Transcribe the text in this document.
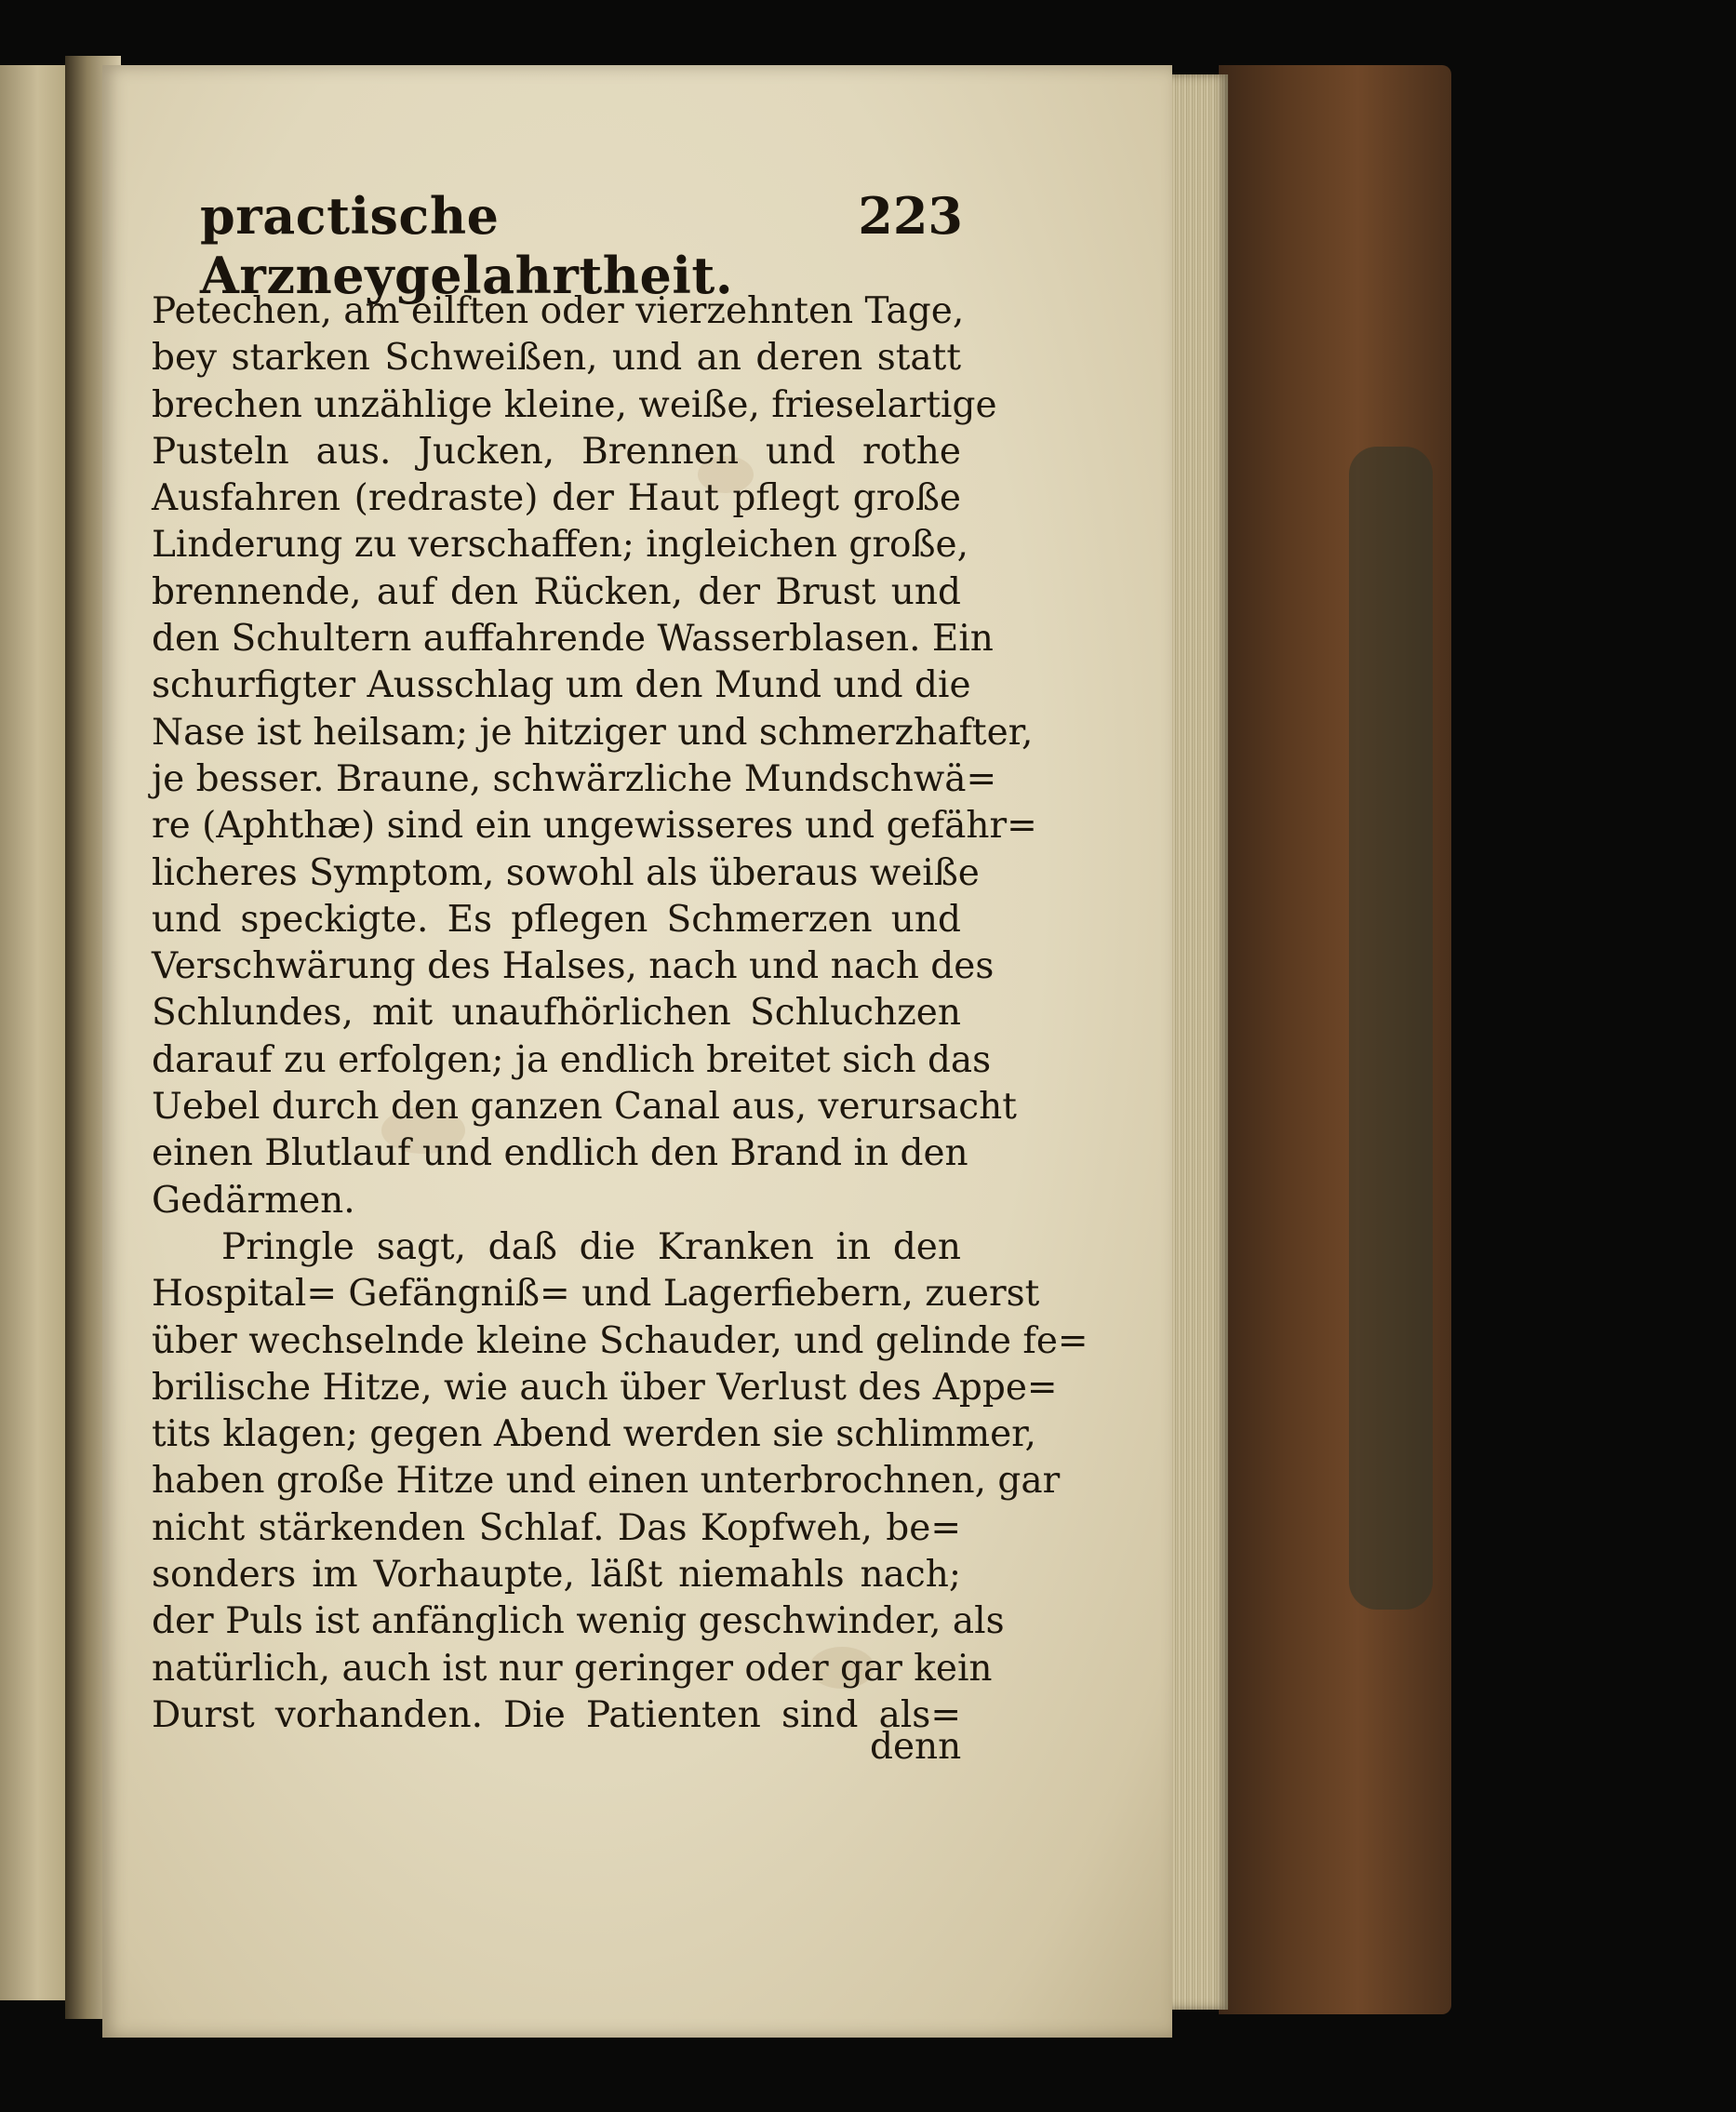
practische Arzneygelahrtheit.
223
Petechen, am eilften oder vierzehnten Tage,
bey starken Schweißen, und an deren statt
brechen unzählige kleine, weiße, frieselartige
Pusteln aus. Jucken, Brennen und rothe
Ausfahren (redraste) der Haut pflegt große
Linderung zu verschaffen; ingleichen große,
brennende, auf den Rücken, der Brust und
den Schultern auffahrende Wasserblasen. Ein
schurfigter Ausschlag um den Mund und die
Nase ist heilsam; je hitziger und schmerzhafter,
je besser. Braune, schwärzliche Mundschwä=
re (Aphthæ) sind ein ungewisseres und gefähr=
licheres Symptom, sowohl als überaus weiße
und speckigte. Es pflegen Schmerzen und
Verschwärung des Halses, nach und nach des
Schlundes, mit unaufhörlichen Schluchzen
darauf zu erfolgen; ja endlich breitet sich das
Uebel durch den ganzen Canal aus, verursacht
einen Blutlauf und endlich den Brand in den
Gedärmen.
Pringle sagt, daß die Kranken in den
Hospital= Gefängniß= und Lagerfiebern, zuerst
über wechselnde kleine Schauder, und gelinde fe=
brilische Hitze, wie auch über Verlust des Appe=
tits klagen; gegen Abend werden sie schlimmer,
haben große Hitze und einen unterbrochnen, gar
nicht stärkenden Schlaf. Das Kopfweh, be=
sonders im Vorhaupte, läßt niemahls nach;
der Puls ist anfänglich wenig geschwinder, als
natürlich, auch ist nur geringer oder gar kein
Durst vorhanden. Die Patienten sind als=
denn
